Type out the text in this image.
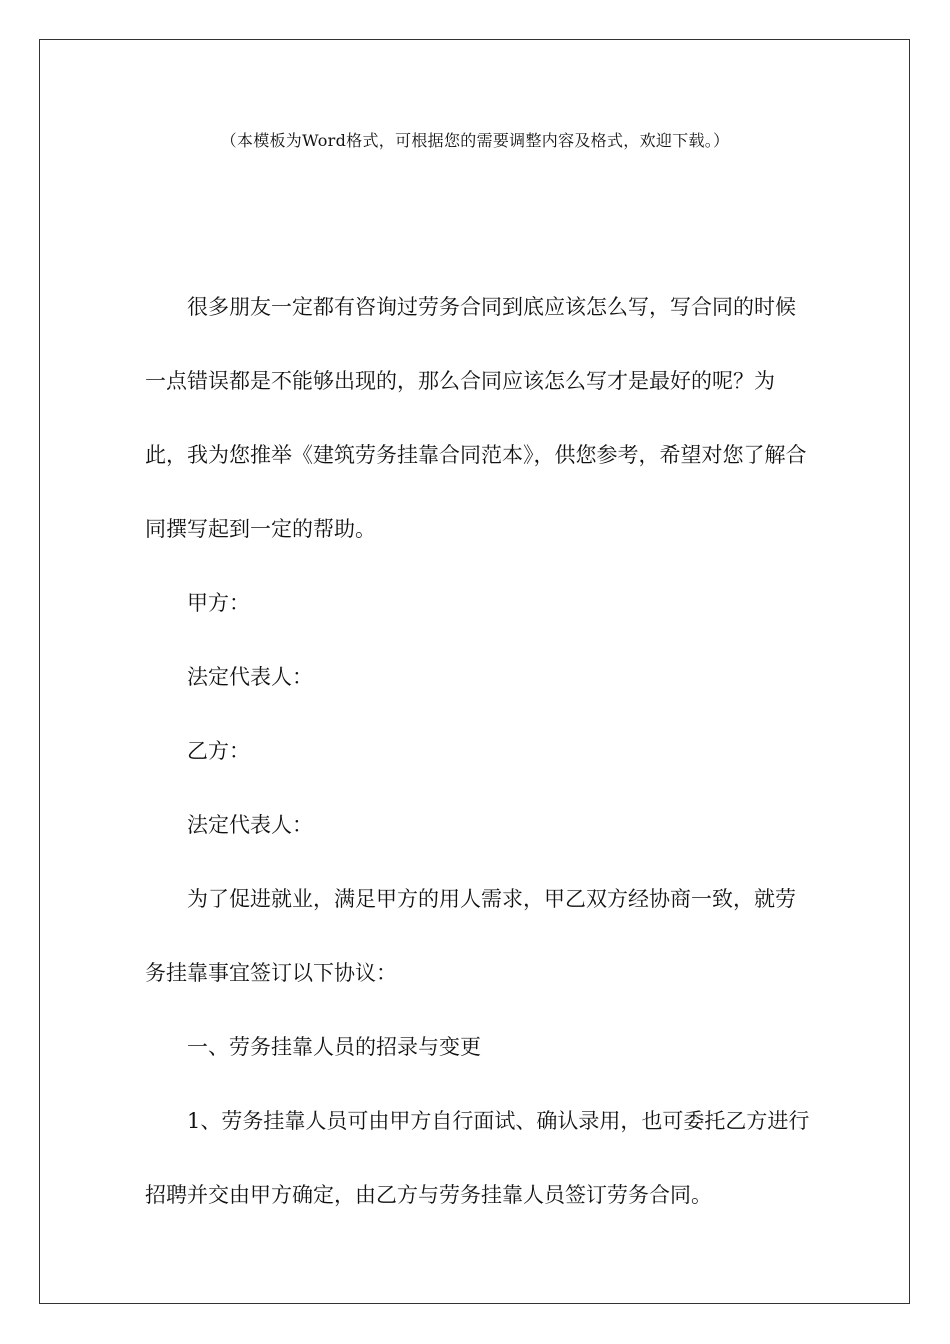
（本模板为Word格式，可根据您的需要调整内容及格式，欢迎下载。）

很多朋友一定都有咨询过劳务合同到底应该怎么写，写合同的时候一点错误都是不能够出现的，那么合同应该怎么写才是最好的呢？为此，我为您推举《建筑劳务挂靠合同范本》，供您参考，希望对您了解合同撰写起到一定的帮助。

甲方：

法定代表人：

乙方：

法定代表人：

为了促进就业，满足甲方的用人需求，甲乙双方经协商一致，就劳务挂靠事宜签订以下协议：

一、劳务挂靠人员的招录与变更

1、劳务挂靠人员可由甲方自行面试、确认录用，也可委托乙方进行招聘并交由甲方确定，由乙方与劳务挂靠人员签订劳务合同。
